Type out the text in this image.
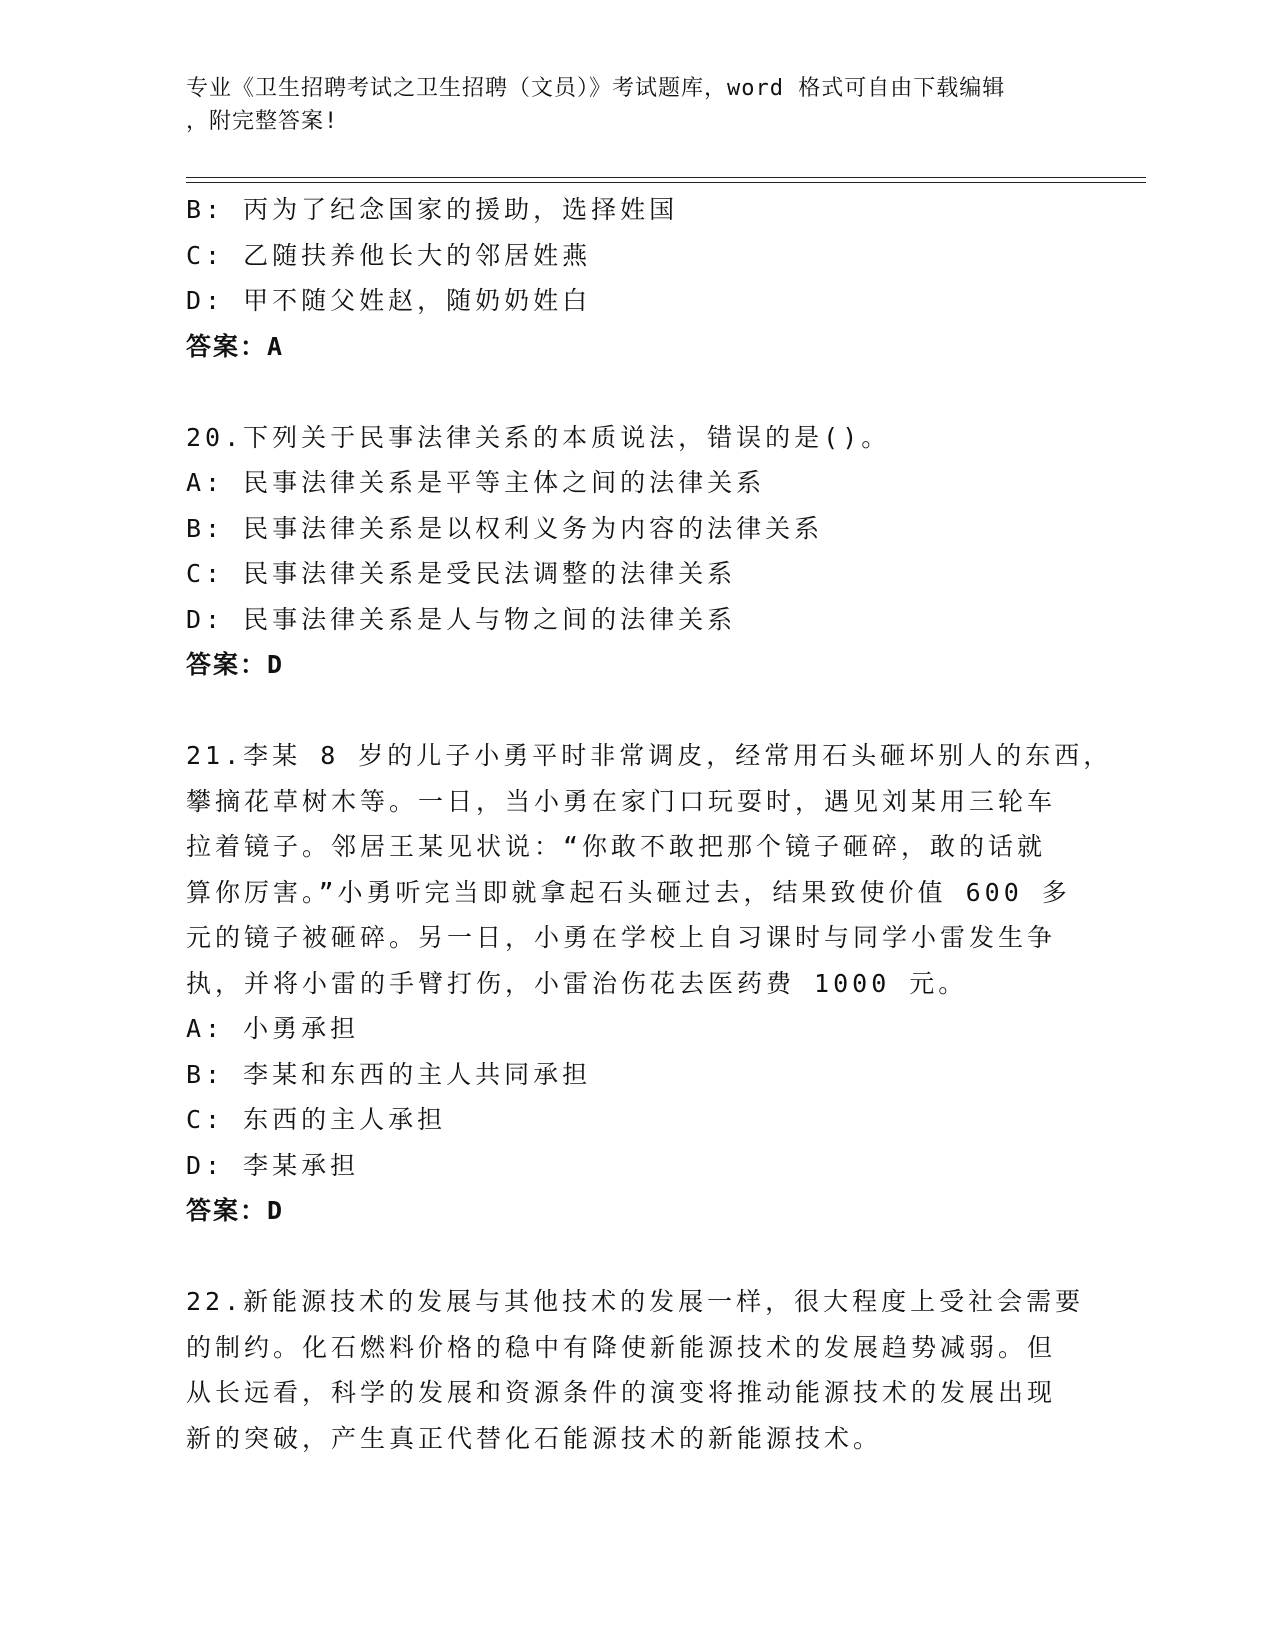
专业《卫生招聘考试之卫生招聘（文员）》考试题库，word 格式可自由下载编辑
，附完整答案!
B: 丙为了纪念国家的援助，选择姓国
C: 乙随扶养他长大的邻居姓燕
D: 甲不随父姓赵，随奶奶姓白
答案：A
20.下列关于民事法律关系的本质说法，错误的是()。
A: 民事法律关系是平等主体之间的法律关系
B: 民事法律关系是以权利义务为内容的法律关系
C: 民事法律关系是受民法调整的法律关系
D: 民事法律关系是人与物之间的法律关系
答案：D
21.李某 8 岁的儿子小勇平时非常调皮，经常用石头砸坏别人的东西，
攀摘花草树木等。一日，当小勇在家门口玩耍时，遇见刘某用三轮车
拉着镜子。邻居王某见状说：“你敢不敢把那个镜子砸碎，敢的话就
算你厉害。”小勇听完当即就拿起石头砸过去，结果致使价值 600 多
元的镜子被砸碎。另一日，小勇在学校上自习课时与同学小雷发生争
执，并将小雷的手臂打伤，小雷治伤花去医药费 1000 元。
A: 小勇承担
B: 李某和东西的主人共同承担
C: 东西的主人承担
D: 李某承担
答案：D
22.新能源技术的发展与其他技术的发展一样，很大程度上受社会需要
的制约。化石燃料价格的稳中有降使新能源技术的发展趋势减弱。但
从长远看，科学的发展和资源条件的演变将推动能源技术的发展出现
新的突破，产生真正代替化石能源技术的新能源技术。
